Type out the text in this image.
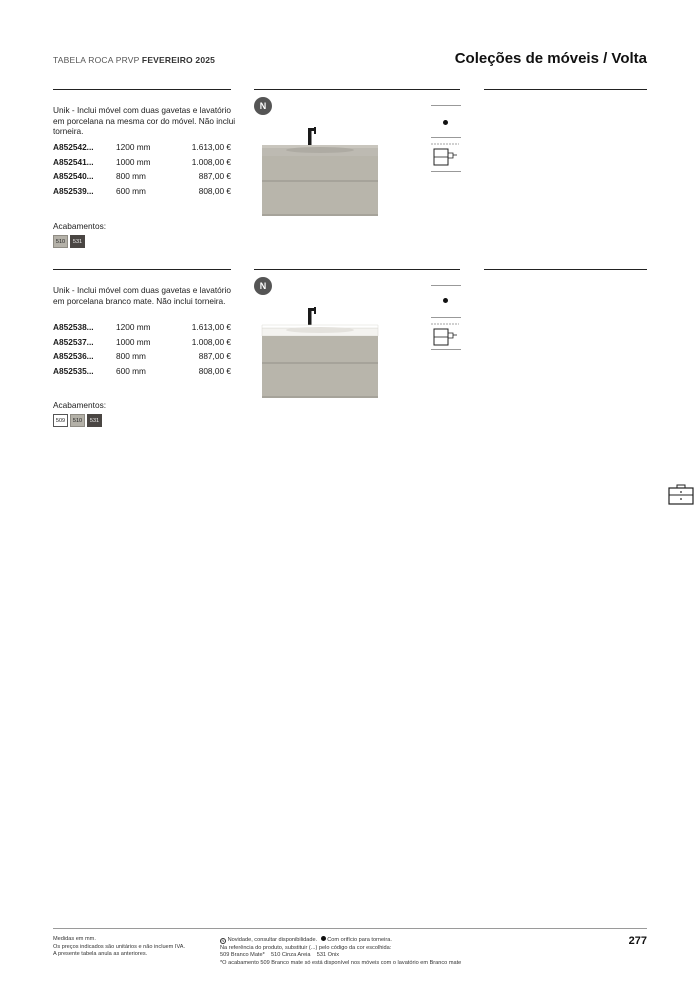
TABELA ROCA PRVP FEVEREIRO 2025	Coleções de móveis / Volta
Unik - Inclui móvel com duas gavetas e lavatório em porcelana na mesma cor do móvel. Não inclui torneira.
A852542...	1200 mm	1.613,00 €
A852541...	1000 mm	1.008,00 €
A852540...	800 mm	887,00 €
A852539...	600 mm	808,00 €
Acabamentos:
510	531
N
Unik - Inclui móvel com duas gavetas e lavatório em porcelana branco mate. Não inclui torneira.
A852538...	1200 mm	1.613,00 €
A852537...	1000 mm	1.008,00 €
A852536...	800 mm	887,00 €
A852535...	600 mm	808,00 €
Acabamentos:
509	510	531
N
Medidas em mm.
Os preços indicados são unitários e não incluem IVA.
A presente tabela anula as anteriores.
N Novidade, consultar disponibilidade. Com orifício para torneira.
Na referência do produto, substituir (...) pelo código da cor escolhida:
509 Branco Mate*    510 Cinza Areia    531 Onix
*O acabamento 509 Branco mate só está disponível nos móveis com o lavatório em Branco mate
277
